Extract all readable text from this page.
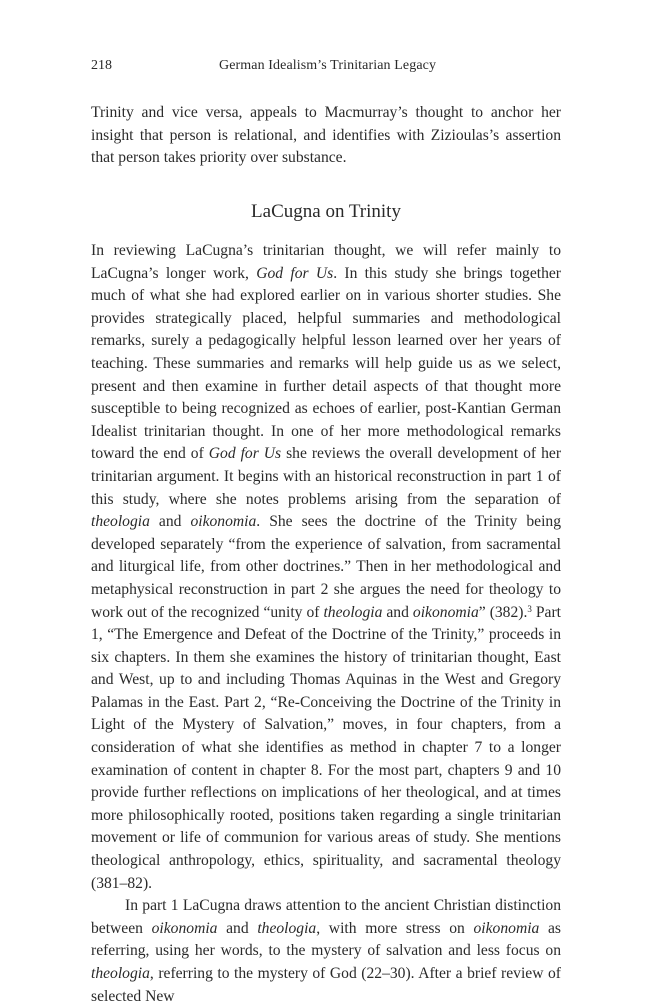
218	German Idealism’s Trinitarian Legacy

Trinity and vice versa, appeals to Macmurray’s thought to anchor her insight that person is relational, and identifies with Zizioulas’s assertion that person takes priority over substance.

LaCugna on Trinity

In reviewing LaCugna’s trinitarian thought, we will refer mainly to LaCugna’s longer work, God for Us. In this study she brings together much of what she had explored earlier on in various shorter studies. She provides strategically placed, helpful summaries and methodological remarks, surely a pedagogically helpful lesson learned over her years of teaching. These summaries and remarks will help guide us as we select, present and then examine in further detail aspects of that thought more susceptible to being recognized as echoes of earlier, post-Kantian German Idealist trinitarian thought. In one of her more methodological remarks toward the end of God for Us she reviews the overall development of her trinitarian argument. It begins with an historical reconstruction in part 1 of this study, where she notes problems arising from the separation of theologia and oikonomia. She sees the doctrine of the Trinity being developed separately “from the experience of salvation, from sacramental and liturgical life, from other doctrines.” Then in her methodological and metaphysical reconstruction in part 2 she argues the need for theology to work out of the recognized “unity of theologia and oikonomia” (382).$^3$ Part 1, “The Emergence and Defeat of the Doctrine of the Trinity,” proceeds in six chapters. In them she examines the history of trinitarian thought, East and West, up to and including Thomas Aquinas in the West and Gregory Palamas in the East. Part 2, “Re-Conceiving the Doctrine of the Trinity in Light of the Mystery of Salvation,” moves, in four chapters, from a consideration of what she identifies as method in chapter 7 to a longer examination of content in chapter 8. For the most part, chapters 9 and 10 provide further reflections on implications of her theological, and at times more philosophically rooted, positions taken regarding a single trinitarian movement or life of communion for various areas of study. She mentions theological anthropology, ethics, spirituality, and sacramental theology (381–82).

In part 1 LaCugna draws attention to the ancient Christian distinction between oikonomia and theologia, with more stress on oikonomia as referring, using her words, to the mystery of salvation and less focus on theologia, referring to the mystery of God (22–30). After a brief review of selected New
